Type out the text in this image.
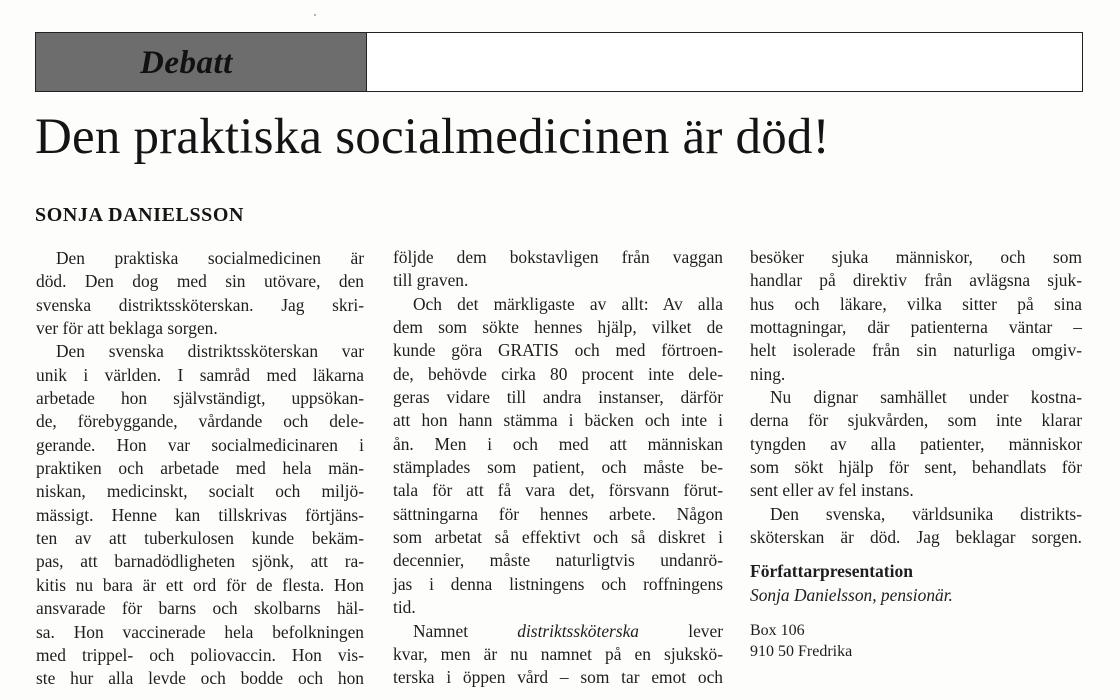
Debatt
Den praktiska socialmedicinen är död!
SONJA DANIELSSON
Den praktiska socialmedicinen är
död. Den dog med sin utövare, den
svenska distriktssköterskan. Jag skri-
ver för att beklaga sorgen.
Den svenska distriktssköterskan var
unik i världen. I samråd med läkarna
arbetade hon självständigt, uppsökan-
de, förebyggande, vårdande och dele-
gerande. Hon var socialmedicinaren i
praktiken och arbetade med hela män-
niskan, medicinskt, socialt och miljö-
mässigt. Henne kan tillskrivas förtjäns-
ten av att tuberkulosen kunde bekäm-
pas, att barnadödligheten sjönk, att ra-
kitis nu bara är ett ord för de flesta. Hon
ansvarade för barns och skolbarns häl-
sa. Hon vaccinerade hela befolkningen
med trippel- och poliovaccin. Hon vis-
ste hur alla levde och bodde och hon
följde dem bokstavligen från vaggan
till graven.
Och det märkligaste av allt: Av alla
dem som sökte hennes hjälp, vilket de
kunde göra GRATIS och med förtroen-
de, behövde cirka 80 procent inte dele-
geras vidare till andra instanser, därför
att hon hann stämma i bäcken och inte i
ån. Men i och med att människan
stämplades som patient, och måste be-
tala för att få vara det, försvann förut-
sättningarna för hennes arbete. Någon
som arbetat så effektivt och så diskret i
decennier, måste naturligtvis undanrö-
jas i denna listningens och roffningens
tid.
Namnet	distriktssköterska	lever
kvar, men är nu namnet på en sjukskö-
terska i öppen vård – som tar emot och
besöker sjuka människor, och som
handlar på direktiv från avlägsna sjuk-
hus och läkare, vilka sitter på sina
mottagningar, där patienterna väntar –
helt isolerade från sin naturliga omgiv-
ning.
Nu dignar samhället under kostna-
derna för sjukvården, som inte klarar
tyngden av alla patienter, människor
som sökt hjälp för sent, behandlats för
sent eller av fel instans.
Den svenska, världsunika distrikts-
sköterskan är död. Jag beklagar sorgen.
Författarpresentation
Sonja Danielsson, pensionär.
Box 106
910 50 Fredrika
